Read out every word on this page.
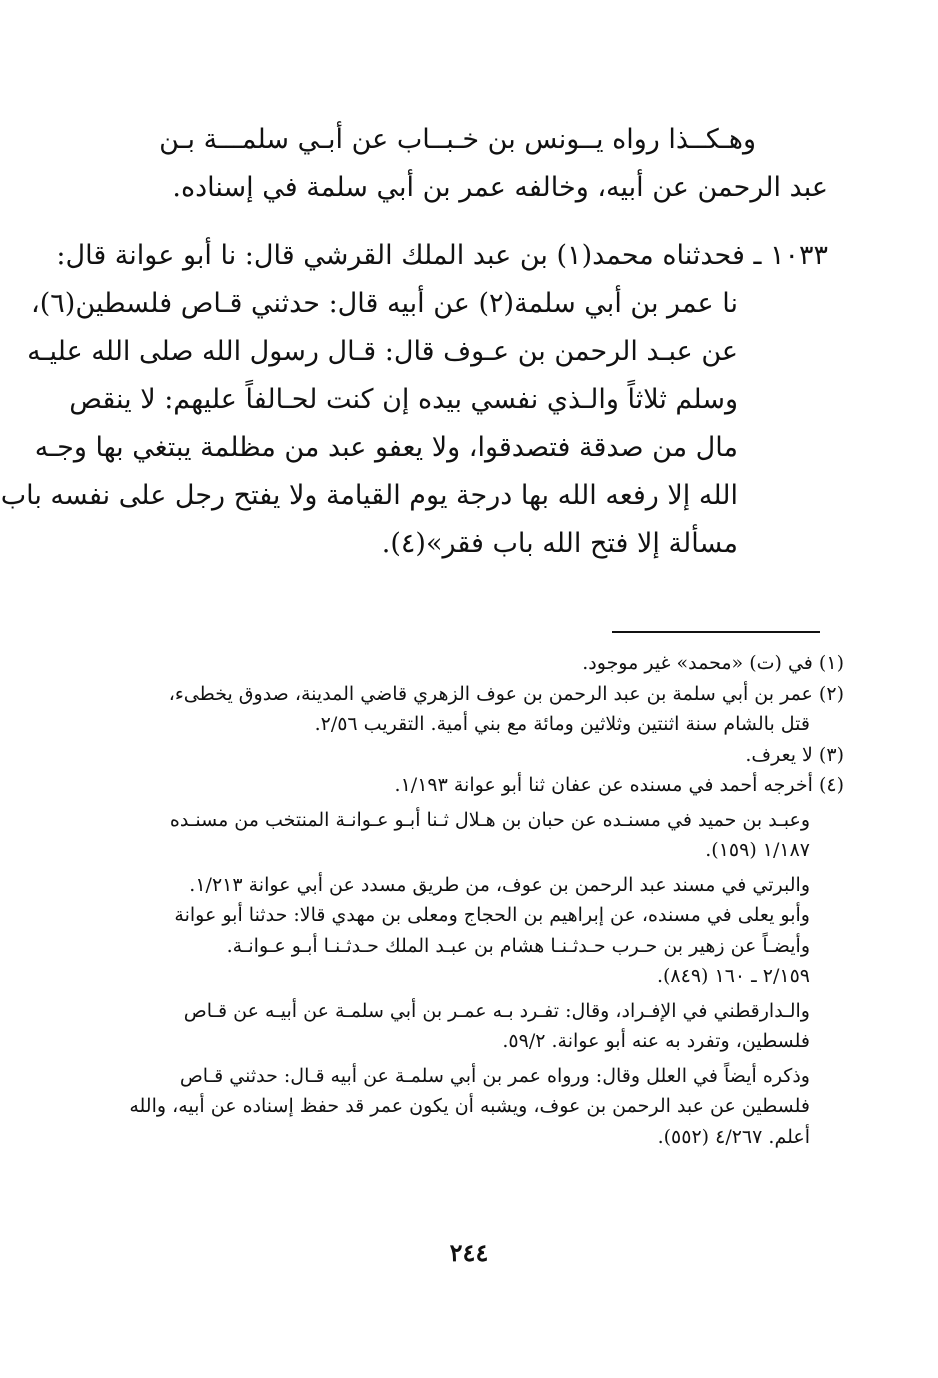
وهـكــذا رواه يــونس بن خـبــاب عن أبـي سلمـــة بـن
عبد الرحمن عن أبيه، وخالفه عمر بن أبي سلمة في إسناده.
١٠٣٣ ـ فحدثناه محمد(١) بن عبد الملك القرشي قال: نا أبو عوانة قال:
نا عمر بن أبي سلمة(٢) عن أبيه قال: حدثني قـاص فلسطين(٦)،
عن عبـد الرحمن بن عـوف قال: قـال رسول الله صلى الله عليـه
وسلم ثلاثاً والـذي نفسي بيده إن كنت لحـالفاً عليهم: لا ينقص
مال من صدقة فتصدقوا، ولا يعفو عبد من مظلمة يبتغي بها وجـه
الله إلا رفعه الله بها درجة يوم القيامة ولا يفتح رجل على نفسه باب
مسألة إلا فتح الله باب فقر»(٤).
(١) في (ت) «محمد» غير موجود.
(٢) عمر بن أبي سلمة بن عبد الرحمن بن عوف الزهري قاضي المدينة، صدوق يخطىء،
قتل بالشام سنة اثنتين وثلاثين ومائة مع بني أمية. التقريب ٢/٥٦.
(٣) لا يعرف.
(٤) أخرجه أحمد في مسنده عن عفان ثنا أبو عوانة ١/١٩٣.
وعبـد بن حميد في مسنـده عن حبان بن هـلال ثـنا أبـو عـوانـة المنتخب من مسنـده
١/١٨٧ (١٥٩).
والبرتي في مسند عبد الرحمن بن عوف، من طريق مسدد عن أبي عوانة ١/٢١٣.
وأبو يعلى في مسنده، عن إبراهيم بن الحجاج ومعلى بن مهدي قالا: حدثنا أبو عوانة
وأيضـاً عن زهير بن حـرب حـدثـنـا هشام بن عبـد الملك حـدثـنـا أبـو عـوانـة.
٢/١٥٩ ـ ١٦٠ (٨٤٩).
والـدارقطني في الإفـراد، وقال: تفـرد بـه عمـر بن أبي سلمـة عن أبيـه عن قـاص
فلسطين، وتفرد به عنه أبو عوانة. ٥٩/٢.
وذكره أيضاً في العلل وقال: ورواه عمر بن أبي سلمـة عن أبيه قـال: حدثني قـاص
فلسطين عن عبد الرحمن بن عوف، ويشبه أن يكون عمر قد حفظ إسناده عن أبيه، والله
أعلم. ٤/٢٦٧ (٥٥٢).
٢٤٤
